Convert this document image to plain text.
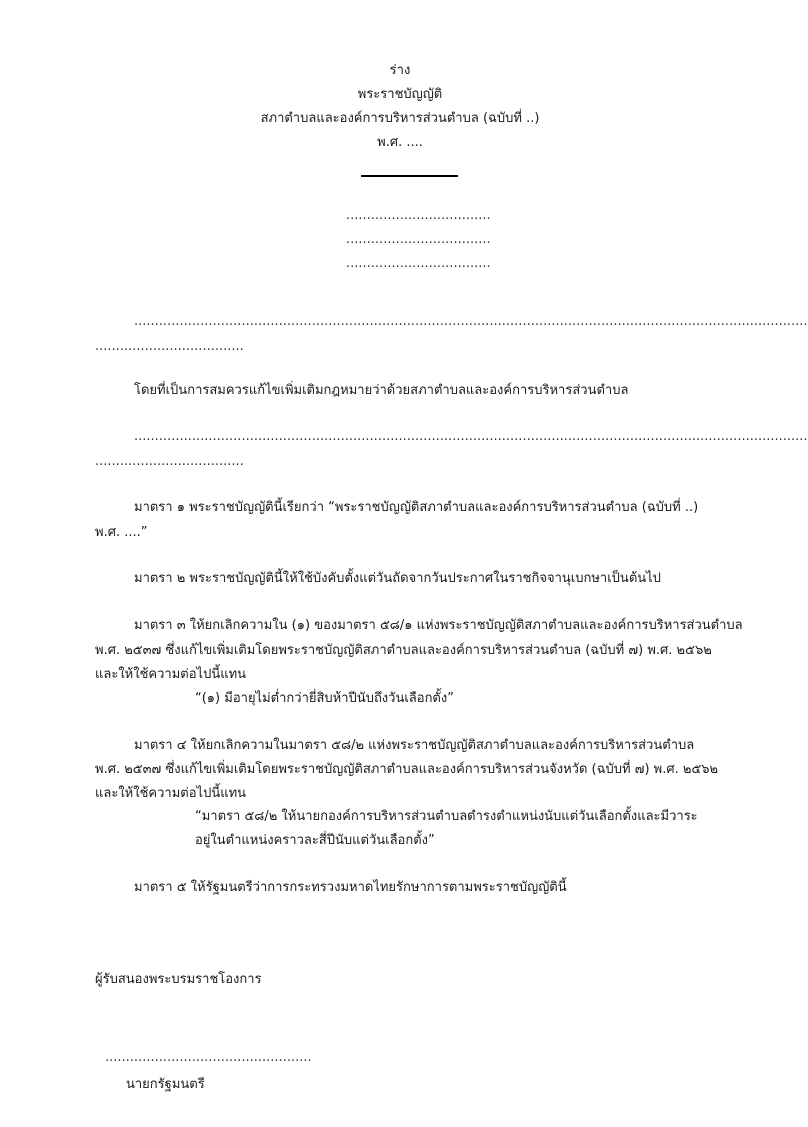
ร่าง
พระราชบัญญัติ
สภาตำบลและองค์การบริหารส่วนตำบล (ฉบับที่ ..)
พ.ศ. ....
...................................
...................................
...................................
...................................................................................................................................................................
....................................
โดยที่เป็นการสมควรแก้ไขเพิ่มเติมกฎหมายว่าด้วยสภาตำบลและองค์การบริหารส่วนตำบล
...................................................................................................................................................................
....................................
มาตรา ๑ พระราชบัญญัตินี้เรียกว่า “พระราชบัญญัติสภาตำบลและองค์การบริหารส่วนตำบล (ฉบับที่ ..)
พ.ศ. ....”
มาตรา ๒ พระราชบัญญัตินี้ให้ใช้บังคับตั้งแต่วันถัดจากวันประกาศในราชกิจจานุเบกษาเป็นต้นไป
มาตรา ๓ ให้ยกเลิกความใน (๑) ของมาตรา ๕๘/๑ แห่งพระราชบัญญัติสภาตำบลและองค์การบริหารส่วนตำบล
พ.ศ. ๒๕๓๗ ซึ่งแก้ไขเพิ่มเติมโดยพระราชบัญญัติสภาตำบลและองค์การบริหารส่วนตำบล (ฉบับที่ ๗) พ.ศ. ๒๕๖๒
และให้ใช้ความต่อไปนี้แทน
“(๑) มีอายุไม่ต่ำกว่ายี่สิบห้าปีนับถึงวันเลือกตั้ง”
มาตรา ๔ ให้ยกเลิกความในมาตรา ๕๘/๒ แห่งพระราชบัญญัติสภาตำบลและองค์การบริหารส่วนตำบล
พ.ศ. ๒๕๓๗ ซึ่งแก้ไขเพิ่มเติมโดยพระราชบัญญัติสภาตำบลและองค์การบริหารส่วนจังหวัด (ฉบับที่ ๗) พ.ศ. ๒๕๖๒
และให้ใช้ความต่อไปนี้แทน
“มาตรา ๕๘/๒ ให้นายกองค์การบริหารส่วนตำบลดำรงตำแหน่งนับแต่วันเลือกตั้งและมีวาระ
อยู่ในตำแหน่งคราวละสี่ปีนับแต่วันเลือกตั้ง”
มาตรา ๕ ให้รัฐมนตรีว่าการกระทรวงมหาดไทยรักษาการตามพระราชบัญญัตินี้
ผู้รับสนองพระบรมราชโองการ
..................................................
นายกรัฐมนตรี
